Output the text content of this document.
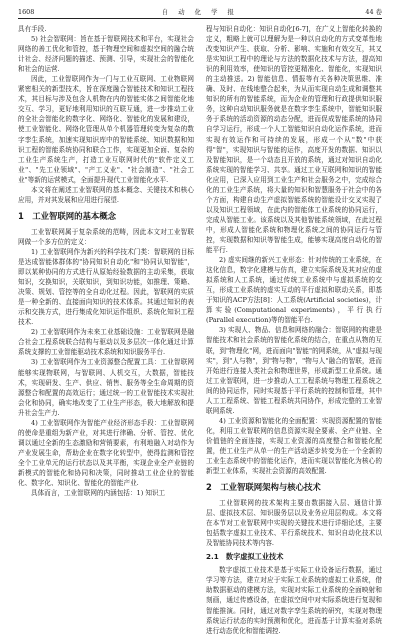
1608	自 动 化 学 报	44 卷

具有手段.

5) 社会智联网：旨在基于智联网技术和平台，实现社会网络的善工优化和管控，基于物理空间和虚拟空间的融合统计社会、经济问题的描述、预测、引导，实现社会的智能化和社会的运营.

因此，工业智联网作为一门与工业互联网、工业物联网紧密相关的新型技术，旨在深度融合智能技术和知识工程技术，其目标与涉及包含人机物在内的智能实体之间智能化地交互、学习，更好地利用知识的互联互通，进一步推动工业的全社会智能化的数字化、网络化、智能化的发展和建设，使工业智能化、网络化管理从单个机器管理转变为复杂的数字孪生系统，加速实现知识库中的智能系统、知识数据和知识工程的智能系统协同和联合工作，实现更加全面、复杂的工业生产系统生产，打造工业互联网时代的"软件定义工业"、"先工业领域"、"产工义业"、"社会制造"、"社会工业"等新的运营模式，全面提升现代工业智能化水平.

本文将在阐述工业智联网的基本概念、关键技术和核心应用，并对其发展和应用进行展望.

1　工业智联网的基本概念

工业智联网属于复杂系统的范畴，因此本文对工业智联网做一个多方位的定义：

1) 工业智联网作为新兴的科学技术门类：智联网的目标是达成智能体群体的"协同知识自动化"和"协同认知智能"，即以某种协同的方式进行从原始经验数据的主动采集，获取知识，交换知识，关联知识，到知识功能，如推理、策略、决策、规划、管控等的全自动化过程。因此，智联网的实质是一种全新的、直接面向知识的技术体系。其通过知识的表示和交换方式，进行集成化知识运作组织、系统化知识工程技术.

2) 工业智联网作为未来工业基础设施：工业智联网是融合社会工程系统联合结构与驱动以及多层次一体化通过计算系统支撑的工业智能驱动技术系统和知识服务平台.

3) 工业智联网作为工业资源整合配置工具：工业智联网能够实现物联网，与智联网、人机交互，大数据，智能技术，实现研发、生产、供应、销售、服务等全生命周期的资源整合和配置的高效运行；通过统一的工业智能技术实现社会化和协同，确实地改变了工业生产形态，极大地解放和提升社会生产力.

4) 工业智联网作为智能产业经济形态手段：工业智联网的使命是重组为新产业，对其进行律确、分析、管控、优化调以通过全新的生态激励和营销要素，有利地融入对动作为产业发展生命，帮助企业在数字化转型中，使得监测和管控全个工业单元的运行状态以及其平衡，实现企业全产业链的新模式的智能化和协同和决策，同时推动工业企业的智能化、数字化、知识化、智能化的智能产业.

具体而言，工业智联网的内涵包括：1) 知识工

程与知识自动化：知识自动化[6-7]，在广义上智能化转换的定义，粗略上就可以理解为是一种以自动化的方式变革性地改变知识产生、获取、分析、影响、实施和有效交互，其又是实知识工程中的理论与方法的数据化技术与方法，提高知识的利用效率，使知识的管控更精准化、智能化，实现知识的主动推送。2) 智能信息、情报等有关各种决策思维、准确、及时、在线地整合起来，为从而实现自动生成和调整其知识的所有的智能系统，而为企业的管理和行政提供知识服务，这种自动知识服务就是在数字孪生系统中，智能知识服务于系统的活动资源的动态分配，进而促成智能系统的协同自学习运行，形成一个人工智能知识自动化运作系统，进而实现有效运作和可持续的发展，形成一个从"数"中获得"智"，实现知识与智能的运作，高度开发的数据、知识以及智能知识，是一个动态且开放的系统，通过对知识自动化系统实现的智能学习、共享。通过工业互联网和知识的智能化应用，已深入应用到工业生产和社会服务之中，完成综合化的工业生产系统，将大量的知识和智慧服务于社会中的各个方面，构建自动生产虚拟智能系统的智能设计交叉实现了以及知识工程领域，在此内的智能体工业系统的协同运行，完成从智能工业。该系统以及其他智能系统领域，在此过程中，形成人智能化系统和物理化系统之间的协同运行与管控，实现数据和知识等智能生成，能够实现高度自动化的智能平行.

2) 虚实间继的新兴工业形态：针对传统的工业系统，在这化信息，数字化建模与仿真，建立实际系统及其对应的虚拟系统和人工系统，通过传统工业系统中与虚拟系统的交互，形成工业系统的虚实互动的平行虚拟和联动关系，即基于知识的ACP方法[8]：人工系统(Artificial societies)，计算实验(Computational experiments)，平行执行(Parallel execution)等的智能平台.

3) 实现人、物品、信息和网络的融合：智联网的构建是智能技术和社会系统的智能化系统的结合，在重点从物的互联，到"物理化"网，进而面向"智能"的网系统，从"虚拟与现实"，到"人与物"，到"物与物"，"物与人"融合的智联，进而开始进行连接人类社会和物理世界，形成新型工业系统。通过工业智联网，进一步推动人工工程系统与物理工程系统之间的协同运作，同时实现基于平行系统的控制和管理，其中人工工程系统、智能工程系统共同协作，形成完整的工业智联网系统.

4) 工业资源和智能化的全面配置：实现资源配置的智能化，利用工业智联网的信息资源实现全要素、全产业链、全价值链的全面连接，实现工业资源的高度整合和智能化配置，使工业生产从单一的生产活动逐步转变为在一个全新的工业生态系统中的智能化运作，进而实现以智能化为核心的新型工业体系，实现社会资源的高效配置.

2　工业智联网架构与核心技术

工业智联网的技术架构主要由数据接入层、通信计算层、虚拟技术层、知识服务层以及业务应用层构成。本文将在本节对工业智联网中实现的关键技术进行详细论述，主要包括数字虚拟工业技术、平行系统技术、知识自动化技术以及智能协同技术等内容.

2.1　数字虚拟工业技术

数字虚拟工业技术是基于实际工业设备运行数据，通过学习等方法，建立对应于实际工业系统的虚拟工业系统，借助数据驱动的建模方法，实现对实际工业系统的全面映射和刻画，通过传感设备，在虚拟空间中对实际系统进行复现和智能推演。同时，通过对数字孪生系统的研究，实现对物理系统运行状态的实时预测和优化，进而基于计算实验对系统进行动态优化和智能调控.
